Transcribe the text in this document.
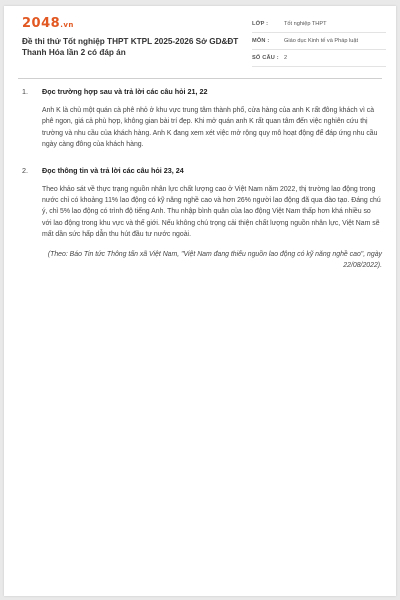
2048.vn
Đề thi thử Tốt nghiệp THPT KTPL 2025-2026 Sở GD&ĐT Thanh Hóa lần 2 có đáp án
LỚP :	Tốt nghiệp THPT
MÔN :	Giáo dục Kinh tế và Pháp luật
SỐ CÂU : 2
1.	Đọc trường hợp sau và trả lời các câu hỏi 21, 22
Anh K là chủ một quán cà phê nhỏ ở khu vực trung tâm thành phố, cửa hàng của anh K rất đông khách vì cà phê ngon, giá cả phù hợp, không gian bài trí đẹp. Khi mở quán anh K rất quan tâm đến việc nghiên cứu thị trường và nhu cầu của khách hàng. Anh K đang xem xét việc mở rộng quy mô hoạt động để đáp ứng nhu cầu ngày càng đông của khách hàng.
2.	Đọc thông tin và trả lời các câu hỏi 23, 24
Theo khảo sát về thực trạng nguồn nhân lực chất lượng cao ở Việt Nam năm 2022, thị trường lao động trong nước chỉ có khoảng 11% lao động có kỹ năng nghề cao và hơn 26% người lao động đã qua đào tạo. Đáng chú ý, chỉ 5% lao động có trình độ tiếng Anh. Thu nhập bình quân của lao động Việt Nam thấp hơn khá nhiều so với lao động trong khu vực và thế giới. Nếu không chú trọng cải thiện chất lượng nguồn nhân lực, Việt Nam sẽ mất dần sức hấp dẫn thu hút đầu tư nước ngoài.
(Theo: Báo Tin tức Thông tấn xã Việt Nam, "Việt Nam đang thiếu nguồn lao động có kỹ năng nghề cao", ngày 22/08/2022).
